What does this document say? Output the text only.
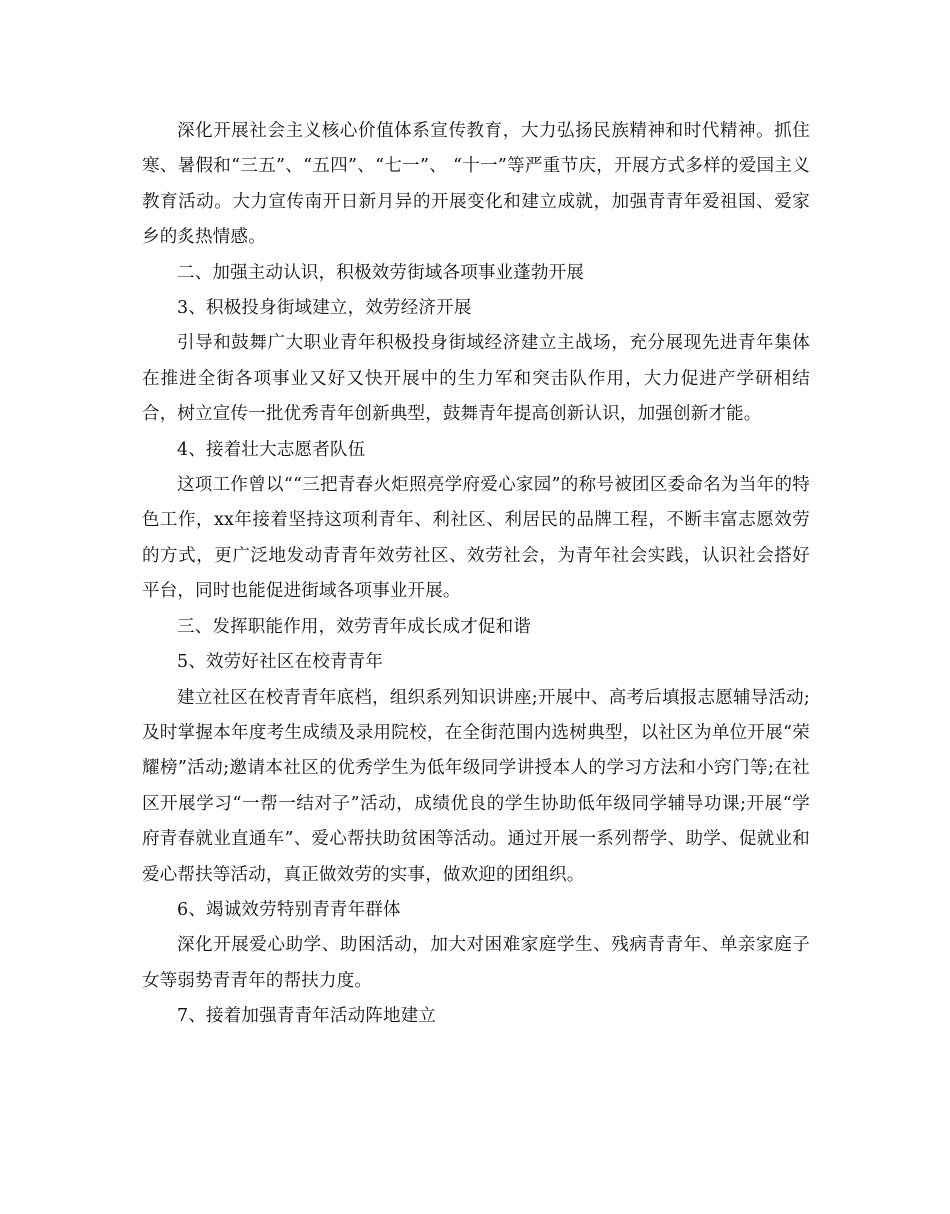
深化开展社会主义核心价值体系宣传教育，大力弘扬民族精神和时代精神。抓住寒、暑假和“三五”、“五四”、“七一”、 “十一”等严重节庆，开展方式多样的爱国主义教育活动。大力宣传南开日新月异的开展变化和建立成就，加强青青年爱祖国、爱家乡的炙热情感。

二、加强主动认识，积极效劳街域各项事业蓬勃开展

3、积极投身街域建立，效劳经济开展

引导和鼓舞广大职业青年积极投身街域经济建立主战场，充分展现先进青年集体在推进全街各项事业又好又快开展中的生力军和突击队作用，大力促进产学研相结合，树立宣传一批优秀青年创新典型，鼓舞青年提高创新认识，加强创新才能。

4、接着壮大志愿者队伍

这项工作曾以““三把青春火炬照亮学府爱心家园”的称号被团区委命名为当年的特色工作，xx年接着坚持这项利青年、利社区、利居民的品牌工程，不断丰富志愿效劳的方式，更广泛地发动青青年效劳社区、效劳社会，为青年社会实践，认识社会搭好平台，同时也能促进街域各项事业开展。

三、发挥职能作用，效劳青年成长成才促和谐

5、效劳好社区在校青青年

建立社区在校青青年底档，组织系列知识讲座;开展中、高考后填报志愿辅导活动;及时掌握本年度考生成绩及录用院校，在全街范围内选树典型，以社区为单位开展“荣耀榜”活动;邀请本社区的优秀学生为低年级同学讲授本人的学习方法和小窍门等;在社区开展学习“一帮一结对子”活动，成绩优良的学生协助低年级同学辅导功课;开展“学府青春就业直通车”、爱心帮扶助贫困等活动。通过开展一系列帮学、助学、促就业和爱心帮扶等活动，真正做效劳的实事，做欢迎的团组织。

6、竭诚效劳特别青青年群体

深化开展爱心助学、助困活动，加大对困难家庭学生、残病青青年、单亲家庭子女等弱势青青年的帮扶力度。

7、接着加强青青年活动阵地建立
